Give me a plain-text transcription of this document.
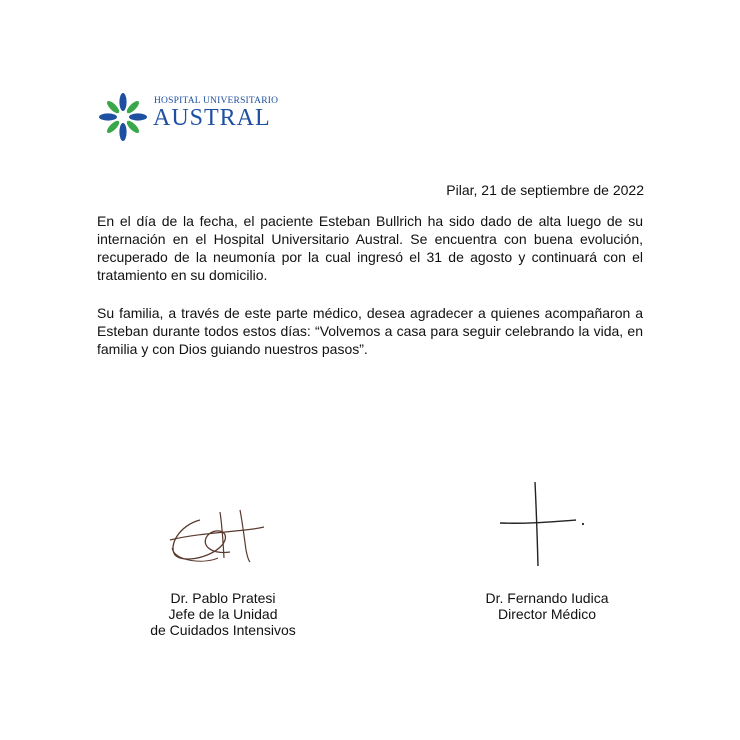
HOSPITAL UNIVERSITARIO
AUSTRAL
Pilar, 21 de septiembre de 2022

En el día de la fecha, el paciente Esteban Bullrich ha sido dado de alta luego de su internación en el Hospital Universitario Austral. Se encuentra con buena evolución, recuperado de la neumonía por la cual ingresó el 31 de agosto y continuará con el tratamiento en su domicilio.

Su familia, a través de este parte médico, desea agradecer a quienes acompañaron a Esteban durante todos estos días: “Volvemos a casa para seguir celebrando la vida, en familia y con Dios guiando nuestros pasos”.

Dr. Pablo Pratesi
Jefe de la Unidad
de Cuidados Intensivos
Dr. Fernando Iudica
Director Médico
